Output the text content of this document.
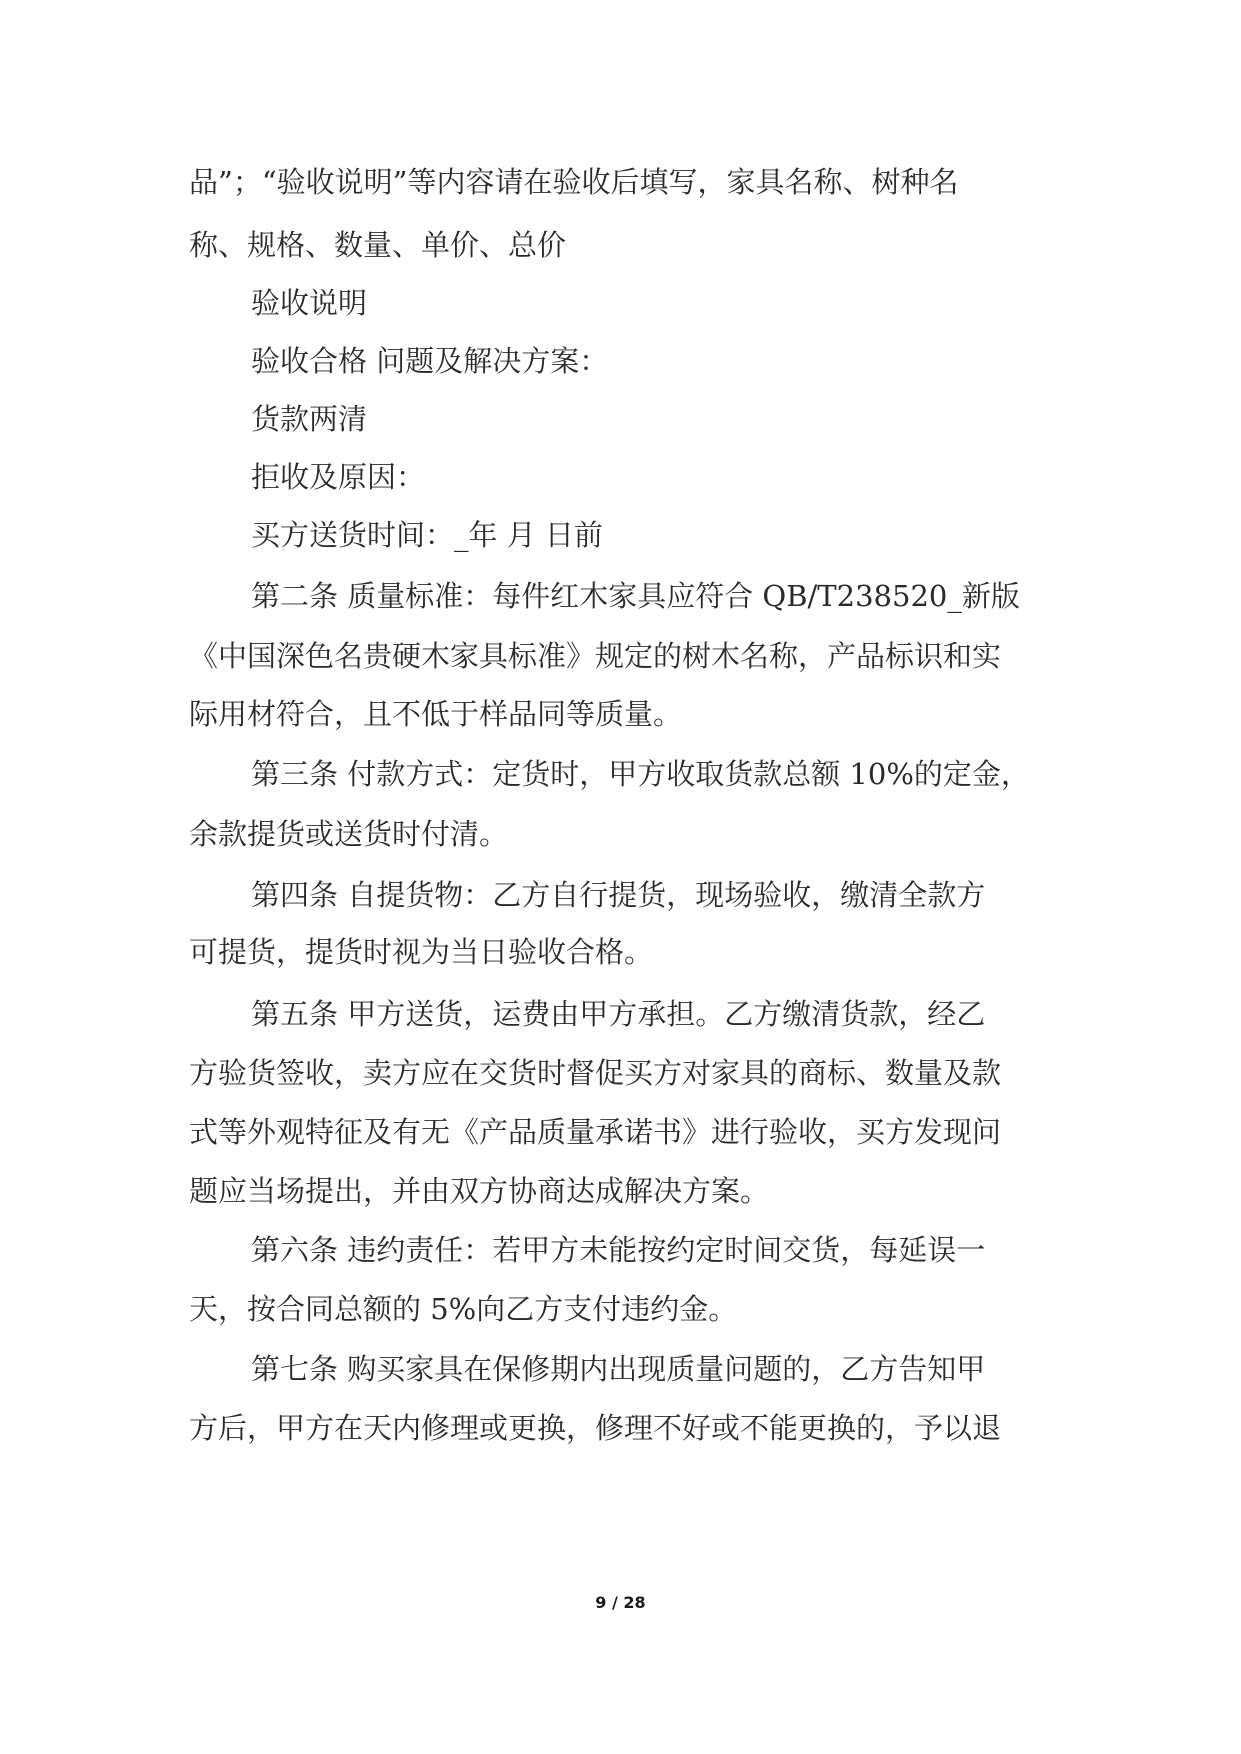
品”；“验收说明”等内容请在验收后填写，家具名称、树种名
称、规格、数量、单价、总价
验收说明
验收合格 问题及解决方案：
货款两清
拒收及原因：
买方送货时间：_年 月 日前
第二条 质量标准：每件红木家具应符合 QB/T238520_新版
《中国深色名贵硬木家具标准》规定的树木名称，产品标识和实
际用材符合，且不低于样品同等质量。
第三条 付款方式：定货时，甲方收取货款总额 10%的定金，
余款提货或送货时付清。
第四条 自提货物：乙方自行提货，现场验收，缴清全款方
可提货，提货时视为当日验收合格。
第五条 甲方送货，运费由甲方承担。乙方缴清货款，经乙
方验货签收，卖方应在交货时督促买方对家具的商标、数量及款
式等外观特征及有无《产品质量承诺书》进行验收，买方发现问
题应当场提出，并由双方协商达成解决方案。
第六条 违约责任：若甲方未能按约定时间交货，每延误一
天，按合同总额的 5%向乙方支付违约金。
第七条 购买家具在保修期内出现质量问题的，乙方告知甲
方后，甲方在天内修理或更换，修理不好或不能更换的，予以退
9 / 28
